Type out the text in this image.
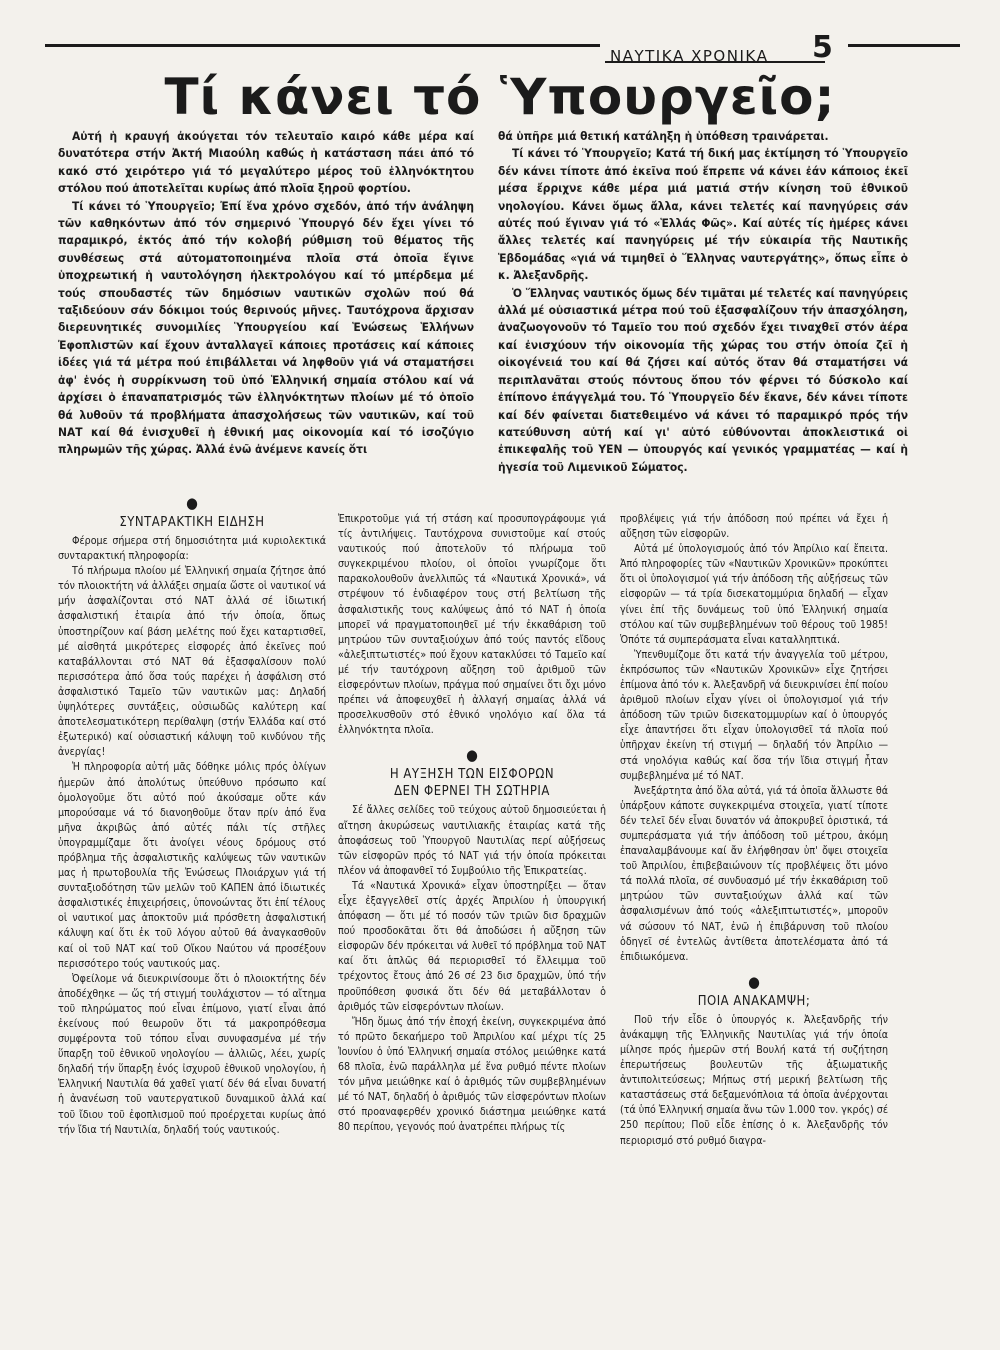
ΝΑΥΤΙΚΑ ΧΡΟΝΙΚΑ 5
Τί κάνει τό Ὑπουργεῖο;

Αὐτή ἡ κραυγή ἀκούγεται τόν τελευταῖο καιρό κάθε μέρα καί δυνατότερα στήν Ἀκτή Μιαούλη καθώς ἡ κατάσταση πάει ἀπό τό κακό στό χειρότερο γιά τό μεγαλύτερο μέρος τοῦ ἑλληνόκτητου στόλου πού ἀποτελεῖται κυρίως ἀπό πλοῖα ξηροῦ φορτίου.

Τί κάνει τό Ὑπουργεῖο; Ἐπί ἕνα χρόνο σχεδόν, ἀπό τήν ἀνάληψη τῶν καθηκόντων ἀπό τόν σημερινό Ὑπουργό δέν ἔχει γίνει τό παραμικρό, ἐκτός ἀπό τήν κολοβή ρύθμιση τοῦ θέματος τῆς συνθέσεως στά αὐτοματοποιημένα πλοῖα στά ὁποῖα ἔγινε ὑποχρεωτική ἡ ναυτολόγηση ἠλεκτρολόγου καί τό μπέρδεμα μέ τούς σπουδαστές τῶν δημόσιων ναυτικῶν σχολῶν πού θά ταξιδεύουν σάν δόκιμοι τούς θερινούς μῆνες. Ταυτόχρονα ἄρχισαν διερευνητικές συνομιλίες Ὑπουργείου καί Ἑνώσεως Ἑλλήνων Ἐφοπλιστῶν καί ἔχουν ἀνταλλαγεῖ κάποιες προτάσεις καί κάποιες ἰδέες γιά τά μέτρα πού ἐπιβάλλεται νά ληφθοῦν γιά νά σταματήσει ἀφ' ἑνός ἡ συρρίκνωση τοῦ ὑπό Ἑλληνική σημαία στόλου καί νά ἀρχίσει ὁ ἐπαναπατρισμός τῶν ἑλληνόκτητων πλοίων μέ τό ὁποῖο θά λυθοῦν τά προβλήματα ἀπασχολήσεως τῶν ναυτικῶν, καί τοῦ ΝΑΤ καί θά ἐνισχυθεῖ ἡ ἐθνική μας οἰκονομία καί τό ἰσοζύγιο πληρωμῶν τῆς χώρας. Ἀλλά ἐνῶ ἀνέμενε κανείς ὅτι

θά ὑπῆρε μιά θετική κατάληξη ἡ ὑπόθεση τραινάρεται.

Τί κάνει τό Ὑπουργεῖο; Κατά τή δική μας ἐκτίμηση τό Ὑπουργεῖο δέν κάνει τίποτε ἀπό ἐκεῖνα πού ἔπρεπε νά κάνει ἐάν κάποιος ἐκεῖ μέσα ἔρριχνε κάθε μέρα μιά ματιά στήν κίνηση τοῦ ἐθνικοῦ νηολογίου. Κάνει ὅμως ἄλλα, κάνει τελετές καί πανηγύρεις σάν αὐτές πού ἔγιναν γιά τό «Ἑλλάς Φῶς». Καί αὐτές τίς ἡμέρες κάνει ἄλλες τελετές καί πανηγύρεις μέ τήν εὐκαιρία τῆς Ναυτικῆς Ἑβδομάδας «γιά νά τιμηθεῖ ὁ Ἕλληνας ναυτεργάτης», ὅπως εἶπε ὁ κ. Ἀλεξανδρῆς.

Ὁ Ἕλληνας ναυτικός ὅμως δέν τιμᾶται μέ τελετές καί πανηγύρεις ἀλλά μέ οὐσιαστικά μέτρα πού τοῦ ἐξασφαλίζουν τήν ἀπασχόληση, ἀναζωογονοῦν τό Ταμεῖο του πού σχεδόν ἔχει τιναχθεῖ στόν ἀέρα καί ἐνισχύουν τήν οἰκονομία τῆς χώρας του στήν ὁποία ζεῖ ἡ οἰκογένειά του καί θά ζήσει καί αὐτός ὅταν θά σταματήσει νά περιπλανᾶται στούς πόντους ὅπου τόν φέρνει τό δύσκολο καί ἐπίπονο ἐπάγγελμά του. Τό Ὑπουργεῖο δέν ἔκανε, δέν κάνει τίποτε καί δέν φαίνεται διατεθειμένο νά κάνει τό παραμικρό πρός τήν κατεύθυνση αὐτή καί γι' αὐτό εὐθύνονται ἀποκλειστικά οἱ ἐπικεφαλῆς τοῦ ΥΕΝ — ὑπουργός καί γενικός γραμματέας — καί ἡ ἡγεσία τοῦ Λιμενικοῦ Σώματος.

●
ΣΥΝΤΑΡΑΚΤΙΚΗ ΕΙΔΗΣΗ

Φέρομε σήμερα στή δημοσιότητα μιά κυριολεκτικά συνταρακτική πληροφορία:

Τό πλήρωμα πλοίου μέ Ἑλληνική σημαία ζήτησε ἀπό τόν πλοιοκτήτη νά ἀλλάξει σημαία ὥστε οἱ ναυτικοί νά μήν ἀσφαλίζονται στό ΝΑΤ ἀλλά σέ ἰδιωτική ἀσφαλιστική ἑταιρία ἀπό τήν ὁποία, ὅπως ὑποστηρίζουν καί βάση μελέτης πού ἔχει καταρτισθεῖ, μέ αἰσθητά μικρότερες εἰσφορές ἀπό ἐκεῖνες πού καταβάλλονται στό ΝΑΤ θά ἐξασφαλίσουν πολύ περισσότερα ἀπό ὅσα τούς παρέχει ἡ ἀσφάλιση στό ἀσφαλιστικό Ταμεῖο τῶν ναυτικῶν μας: Δηλαδή ὑψηλότερες συντάξεις, οὐσιωδῶς καλύτερη καί ἀποτελεσματικότερη περίθαλψη (στήν Ἑλλάδα καί στό ἐξωτερικό) καί οὐσιαστική κάλυψη τοῦ κινδύνου τῆς ἀνεργίας!

Ἡ πληροφορία αὐτή μᾶς δόθηκε μόλις πρός ὀλίγων ἡμερῶν ἀπό ἀπολύτως ὑπεύθυνο πρόσωπο καί ὁμολογοῦμε ὅτι αὐτό πού ἀκούσαμε οὔτε κάν μπορούσαμε νά τό διανοηθοῦμε ὅταν πρίν ἀπό ἕνα μῆνα ἀκριβῶς ἀπό αὐτές πάλι τίς στῆλες ὑπογραμμίζαμε ὅτι ἀνοίγει νέους δρόμους στό πρόβλημα τῆς ἀσφαλιστικῆς καλύψεως τῶν ναυτικῶν μας ἡ πρωτοβουλία τῆς Ἑνώσεως Πλοιάρχων γιά τή συνταξιοδότηση τῶν μελῶν τοῦ ΚΑΠΕΝ ἀπό ἰδιωτικές ἀσφαλιστικές ἐπιχειρήσεις, ὑπονοώντας ὅτι ἐπί τέλους οἱ ναυτικοί μας ἀποκτοῦν μιά πρόσθετη ἀσφαλιστική κάλυψη καί ὅτι ἐκ τοῦ λόγου αὐτοῦ θά ἀναγκασθοῦν καί οἱ τοῦ ΝΑΤ καί τοῦ Οἴκου Ναύτου νά προσέξουν περισσότερο τούς ναυτικούς μας.

Ὀφείλομε νά διευκρινίσουμε ὅτι ὁ πλοιοκτήτης δέν ἀποδέχθηκε — ὥς τή στιγμή τουλάχιστον — τό αἴτημα τοῦ πληρώματος πού εἶναι ἐπίμονο, γιατί εἶναι ἀπό ἐκείνους πού θεωροῦν ὅτι τά μακροπρόθεσμα συμφέροντα τοῦ τόπου εἶναι συνυφασμένα μέ τήν ὕπαρξη τοῦ ἐθνικοῦ νηολογίου — ἀλλιῶς, λέει, χωρίς δηλαδή τήν ὕπαρξη ἑνός ἰσχυροῦ ἐθνικοῦ νηολογίου, ἡ Ἑλληνική Ναυτιλία θά χαθεῖ γιατί δέν θά εἶναι δυνατή ἡ ἀνανέωση τοῦ ναυτεργατικοῦ δυναμικοῦ ἀλλά καί τοῦ ἴδιου τοῦ ἐφοπλισμοῦ πού προέρχεται κυρίως ἀπό τήν ἴδια τή Ναυτιλία, δηλαδή τούς ναυτικούς.

Ἐπικροτοῦμε γιά τή στάση καί προσυπογράφουμε γιά τίς ἀντιλήψεις. Ταυτόχρονα συνιστοῦμε καί στούς ναυτικούς πού ἀποτελοῦν τό πλήρωμα τοῦ συγκεκριμένου πλοίου, οἱ ὁποῖοι γνωρίζομε ὅτι παρακολουθοῦν ἀνελλιπῶς τά «Ναυτικά Χρονικά», νά στρέψουν τό ἐνδιαφέρον τους στή βελτίωση τῆς ἀσφαλιστικῆς τους καλύψεως ἀπό τό ΝΑΤ ἡ ὁποία μπορεῖ νά πραγματοποιηθεῖ μέ τήν ἐκκαθάριση τοῦ μητρώου τῶν συνταξιούχων ἀπό τούς παντός εἴδους «ἀλεξιπτωτιστές» πού ἔχουν κατακλύσει τό Ταμεῖο καί μέ τήν ταυτόχρονη αὔξηση τοῦ ἀριθμοῦ τῶν εἰσφερόντων πλοίων, πράγμα πού σημαίνει ὅτι ὄχι μόνο πρέπει νά ἀποφευχθεῖ ἡ ἀλλαγή σημαίας ἀλλά νά προσελκυσθοῦν στό ἐθνικό νηολόγιο καί ὅλα τά ἑλληνόκτητα πλοῖα.

●
Η ΑΥΞΗΣΗ ΤΩΝ ΕΙΣΦΟΡΩΝ
ΔΕΝ ΦΕΡΝΕΙ ΤΗ ΣΩΤΗΡΙΑ

Σέ ἄλλες σελίδες τοῦ τεύχους αὐτοῦ δημοσιεύεται ἡ αἴτηση ἀκυρώσεως ναυτιλιακῆς ἑταιρίας κατά τῆς ἀποφάσεως τοῦ Ὑπουργοῦ Ναυτιλίας περί αὐξήσεως τῶν εἰσφορῶν πρός τό ΝΑΤ γιά τήν ὁποία πρόκειται πλέον νά ἀποφανθεῖ τό Συμβούλιο τῆς Ἐπικρατείας.

Τά «Ναυτικά Χρονικά» εἶχαν ὑποστηρίξει — ὅταν εἶχε ἐξαγγελθεῖ στίς ἀρχές Ἀπριλίου ἡ ὑπουργική ἀπόφαση — ὅτι μέ τό ποσόν τῶν τριῶν δισ δραχμῶν πού προσδοκᾶται ὅτι θά ἀποδώσει ἡ αὔξηση τῶν εἰσφορῶν δέν πρόκειται νά λυθεῖ τό πρόβλημα τοῦ ΝΑΤ καί ὅτι ἁπλῶς θά περιορισθεῖ τό ἔλλειμμα τοῦ τρέχοντος ἔτους ἀπό 26 σέ 23 δισ δραχμῶν, ὑπό τήν προϋπόθεση φυσικά ὅτι δέν θά μεταβάλλοταν ὁ ἀριθμός τῶν εἰσφερόντων πλοίων.

Ἤδη ὅμως ἀπό τήν ἐποχή ἐκείνη, συγκεκριμένα ἀπό τό πρῶτο δεκαήμερο τοῦ Ἀπριλίου καί μέχρι τίς 25 Ἰουνίου ὁ ὑπό Ἑλληνική σημαία στόλος μειώθηκε κατά 68 πλοῖα, ἐνῶ παράλληλα μέ ἕνα ρυθμό πέντε πλοίων τόν μῆνα μειώθηκε καί ὁ ἀριθμός τῶν συμβεβλημένων μέ τό ΝΑΤ, δηλαδή ὁ ἀριθμός τῶν εἰσφερόντων πλοίων στό προαναφερθέν χρονικό διάστημα μειώθηκε κατά 80 περίπου, γεγονός πού ἀνατρέπει πλήρως τίς

προβλέψεις γιά τήν ἀπόδοση πού πρέπει νά ἔχει ἡ αὔξηση τῶν εἰσφορῶν.

Αὐτά μέ ὑπολογισμούς ἀπό τόν Ἀπρίλιο καί ἔπειτα. Ἀπό πληροφορίες τῶν «Ναυτικῶν Χρονικῶν» προκύπτει ὅτι οἱ ὑπολογισμοί γιά τήν ἀπόδοση τῆς αὐξήσεως τῶν εἰσφορῶν — τά τρία δισεκατομμύρια δηλαδή — εἶχαν γίνει ἐπί τῆς δυνάμεως τοῦ ὑπό Ἑλληνική σημαία στόλου καί τῶν συμβεβλημένων τοῦ θέρους τοῦ 1985! Ὁπότε τά συμπεράσματα εἶναι καταλληπτικά.

Ὑπενθυμίζομε ὅτι κατά τήν ἀναγγελία τοῦ μέτρου, ἐκπρόσωπος τῶν «Ναυτικῶν Χρονικῶν» εἶχε ζητήσει ἐπίμονα ἀπό τόν κ. Ἀλεξανδρῆ νά διευκρινίσει ἐπί ποίου ἀριθμοῦ πλοίων εἶχαν γίνει οἱ ὑπολογισμοί γιά τήν ἀπόδοση τῶν τριῶν δισεκατομμυρίων καί ὁ ὑπουργός εἶχε ἀπαντήσει ὅτι εἶχαν ὑπολογισθεῖ τά πλοῖα πού ὑπῆρχαν ἐκείνη τή στιγμή — δηλαδή τόν Ἀπρίλιο — στά νηολόγια καθώς καί ὅσα τήν ἴδια στιγμή ἦταν συμβεβλημένα μέ τό ΝΑΤ.

Ἀνεξάρτητα ἀπό ὅλα αὐτά, γιά τά ὁποῖα ἄλλωστε θά ὑπάρξουν κάποτε συγκεκριμένα στοιχεῖα, γιατί τίποτε δέν τελεῖ δέν εἶναι δυνατόν νά ἀποκρυβεῖ ὁριστικά, τά συμπεράσματα γιά τήν ἀπόδοση τοῦ μέτρου, ἀκόμη ἐπαναλαμβάνουμε καί ἄν ἐλήφθησαν ὑπ' ὄψει στοιχεῖα τοῦ Ἀπριλίου, ἐπιβεβαιώνουν τίς προβλέψεις ὅτι μόνο τά πολλά πλοῖα, σέ συνδυασμό μέ τήν ἐκκαθάριση τοῦ μητρώου τῶν συνταξιούχων ἀλλά καί τῶν ἀσφαλισμένων ἀπό τούς «ἀλεξιπτωτιστές», μποροῦν νά σώσουν τό ΝΑΤ, ἐνῶ ἡ ἐπιβάρυνση τοῦ πλοίου ὁδηγεῖ σέ ἐντελῶς ἀντίθετα ἀποτελέσματα ἀπό τά ἐπιδιωκόμενα.

●
ΠΟΙΑ ΑΝΑΚΑΜΨΗ;

Ποῦ τήν εἶδε ὁ ὑπουργός κ. Ἀλεξανδρῆς τήν ἀνάκαμψη τῆς Ἑλληνικῆς Ναυτιλίας γιά τήν ὁποία μίλησε πρός ἡμερῶν στή Βουλή κατά τή συζήτηση ἐπερωτήσεως βουλευτῶν τῆς ἀξιωματικῆς ἀντιπολιτεύσεως; Μήπως στή μερική βελτίωση τῆς καταστάσεως στά δεξαμενόπλοια τά ὁποῖα ἀνέρχονται (τά ὑπό Ἑλληνική σημαία ἄνω τῶν 1.000 τον. γκρός) σέ 250 περίπου; Ποῦ εἶδε ἐπίσης ὁ κ. Ἀλεξανδρῆς τόν περιορισμό στό ρυθμό διαγρα-
